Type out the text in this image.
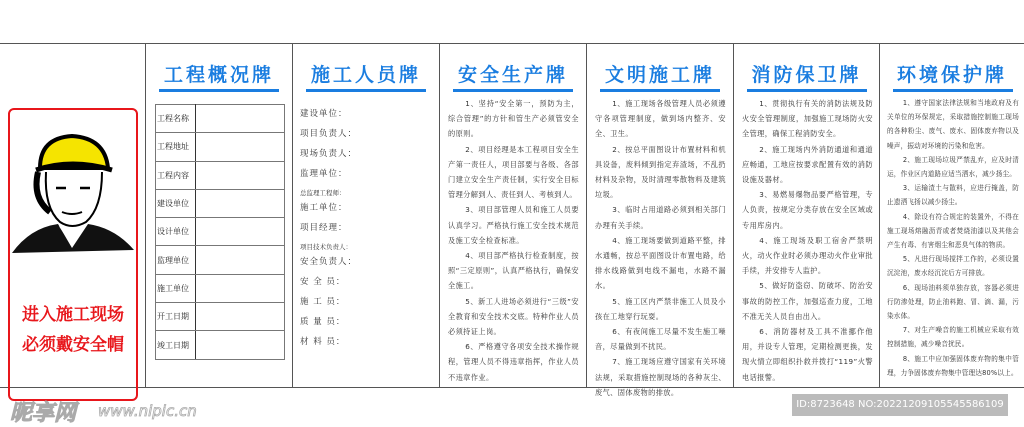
进入施工现场
必须戴安全帽
工程概况牌
工程名称	
工程地址	
工程内容	
建设单位	
设计单位	
监理单位	
施工单位	
开工日期	
竣工日期	
施工人员牌
建设单位：
项目负责人：
现场负责人：
监理单位：
总监理工程师：
施工单位：
项目经理：
项目技术负责人：
安全负责人：
安 全 员：
施 工 员：
质 量 员：
材 料 员：
安全生产牌

1、坚持“安全第一，预防为主，综合管理”的方针和管生产必须管安全的原则。

2、项目经理是本工程项目安全生产第一责任人，项目部要与各级、各部门建立安全生产责任制，实行安全目标管理分解到人、责任到人、考核到人。

3、项目部管理人员和施工人员要认真学习。严格执行施工安全技术规范及施工安全检查标准。

4、项目部严格执行检查制度，按照“三定原则”，认真严格执行，确保安全施工。

5、新工人进场必须进行“三级”安全教育和安全技术交底。特种作业人员必须持证上岗。

6、严格遵守各项安全技术操作规程，管理人员不得违章指挥，作业人员不违章作业。

文明施工牌

1、施工现场各级管理人员必须遵守各项管理制度，做到场内整齐、安全、卫生。

2、按总平面图设计布置材料和机具设备，废料倾到指定弃渣场，不乱扔材料及杂物，及时清理零散物料及建筑垃圾。

3、临时占用道路必须到相关部门办理有关手续。

4、施工现场要做到道路平整，排水通畅，按总平面图设计布置电路，给排水线路做到电线不漏电，水路不漏水。

5、施工区内严禁非施工人员及小孩在工地穿行玩耍。

6、有夜间施工尽量不发生施工噪音，尽量做到不扰民。

7、施工现场应遵守国家有关环境法规，采取措施控制现场的各种灰尘、废气、固体废物的排放。

消防保卫牌

1、贯彻执行有关的消防法规及防火安全管理制度，加强施工现场防火安全管理，确保工程消防安全。

2、施工现场内外消防通道和通道应畅通，工地应按要求配置有效的消防设施及器材。

3、易燃易爆物品要严格管理，专人负责，按规定分类存放在安全区域或专用库房内。

4、施工现场及职工宿舍严禁明火，动火作业时必须办理动火作业审批手续，并安排专人监护。

5、做好防盗窃、防破坏、防治安事故的防控工作，加强巡查力度，工地不准无关人员自由出入。

6、消防器材及工具不准挪作他用，并设专人管理，定期检测更换，发现火情立即组织扑救并拨打“119”火警电话报警。

环境保护牌

1、遵守国家法律法规和当地政府及有关单位的环保规定，采取措施控制施工现场的各种粉尘、废气、废水、固体废弃物以及噪声，振动对环境的污染和危害。

2、施工现场垃圾严禁乱弃，应及时清运，作业区内道路应适当洒水，减少扬尘。

3、运输渣土与散料，应进行掩盖，防止遗洒飞扬以减少扬尘。

4、除设有符合规定的装置外，不得在施工现场熔融沥青或者焚烧油漆以及其他会产生有毒、有害烟尘和恶臭气体的物质。

5、凡进行现场搅拌工作的，必须设置沉淀池，废水经沉淀后方可排放。

6、现场油料须单独存放，容器必须进行防渗处理，防止油料跑、冒、滴、漏，污染水体。

7、对生产噪音的施工机械应采取有效控制措施，减少噪音扰民。

8、施工中应加强固体废弃物的集中管理，力争固体废弃物集中管理达80%以上。

昵享网 www.nipic.cn	ID:8723648 NO:20221209105545586109
